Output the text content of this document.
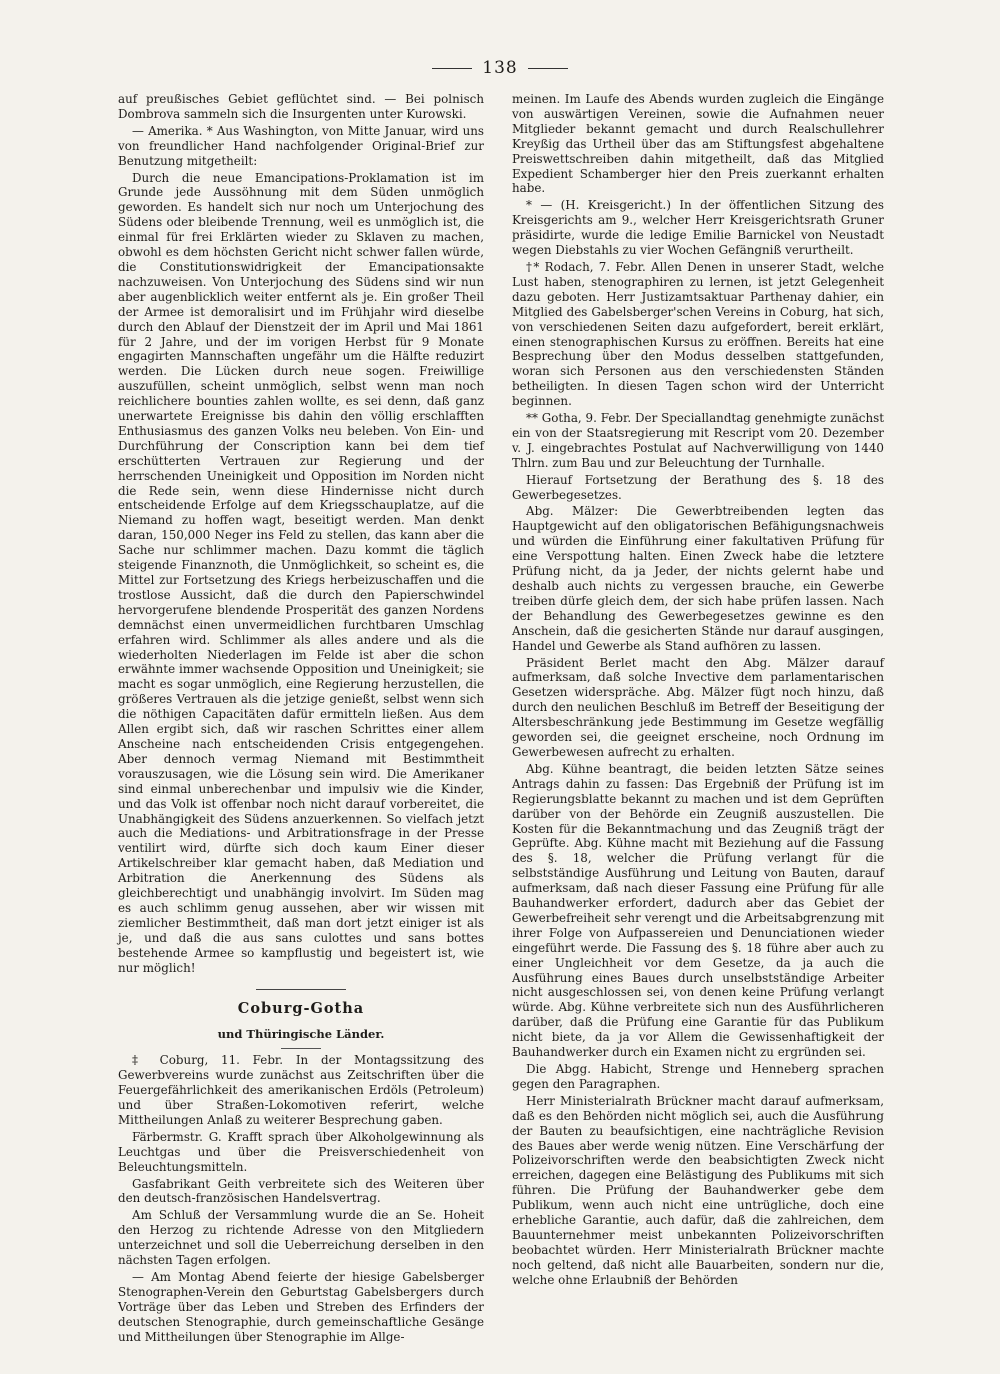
138

auf preußisches Gebiet geflüchtet sind. — Bei polnisch Dombrova sammeln sich die Insurgenten unter Kurowski.

— Amerika. * Aus Washington, von Mitte Januar, wird uns von freundlicher Hand nachfolgender Original-Brief zur Benutzung mitgetheilt:

Durch die neue Emancipations-Proklamation ist im Grunde jede Aussöhnung mit dem Süden unmöglich geworden. Es handelt sich nur noch um Unterjochung des Südens oder bleibende Trennung, weil es unmöglich ist, die einmal für frei Erklärten wieder zu Sklaven zu machen, obwohl es dem höchsten Gericht nicht schwer fallen würde, die Constitutionswidrigkeit der Emancipationsakte nachzuweisen. Von Unterjochung des Südens sind wir nun aber augenblicklich weiter entfernt als je. Ein großer Theil der Armee ist demoralisirt und im Frühjahr wird dieselbe durch den Ablauf der Dienstzeit der im April und Mai 1861 für 2 Jahre, und der im vorigen Herbst für 9 Monate engagirten Mannschaften ungefähr um die Hälfte reduzirt werden. Die Lücken durch neue sogen. Freiwillige auszufüllen, scheint unmöglich, selbst wenn man noch reichlichere bounties zahlen wollte, es sei denn, daß ganz unerwartete Ereignisse bis dahin den völlig erschlafften Enthusiasmus des ganzen Volks neu beleben. Von Ein- und Durchführung der Conscription kann bei dem tief erschütterten Vertrauen zur Regierung und der herrschenden Uneinigkeit und Opposition im Norden nicht die Rede sein, wenn diese Hindernisse nicht durch entscheidende Erfolge auf dem Kriegsschauplatze, auf die Niemand zu hoffen wagt, beseitigt werden. Man denkt daran, 150,000 Neger ins Feld zu stellen, das kann aber die Sache nur schlimmer machen. Dazu kommt die täglich steigende Finanznoth, die Unmöglichkeit, so scheint es, die Mittel zur Fortsetzung des Kriegs herbeizuschaffen und die trostlose Aussicht, daß die durch den Papierschwindel hervorgerufene blendende Prosperität des ganzen Nordens demnächst einen unvermeidlichen furchtbaren Umschlag erfahren wird. Schlimmer als alles andere und als die wiederholten Niederlagen im Felde ist aber die schon erwähnte immer wachsende Opposition und Uneinigkeit; sie macht es sogar unmöglich, eine Regierung herzustellen, die größeres Vertrauen als die jetzige genießt, selbst wenn sich die nöthigen Capacitäten dafür ermitteln ließen. Aus dem Allen ergibt sich, daß wir raschen Schrittes einer allem Anscheine nach entscheidenden Crisis entgegengehen. Aber dennoch vermag Niemand mit Bestimmtheit vorauszusagen, wie die Lösung sein wird. Die Amerikaner sind einmal unberechenbar und impulsiv wie die Kinder, und das Volk ist offenbar noch nicht darauf vorbereitet, die Unabhängigkeit des Südens anzuerkennen. So vielfach jetzt auch die Mediations- und Arbitrationsfrage in der Presse ventilirt wird, dürfte sich doch kaum Einer dieser Artikelschreiber klar gemacht haben, daß Mediation und Arbitration die Anerkennung des Südens als gleichberechtigt und unabhängig involvirt. Im Süden mag es auch schlimm genug aussehen, aber wir wissen mit ziemlicher Bestimmtheit, daß man dort jetzt einiger ist als je, und daß die aus sans culottes und sans bottes bestehende Armee so kampflustig und begeistert ist, wie nur möglich!

Coburg-Gotha
und Thüringische Länder.

‡ Coburg, 11. Febr. In der Montagssitzung des Gewerbvereins wurde zunächst aus Zeitschriften über die Feuergefährlichkeit des amerikanischen Erdöls (Petroleum) und über Straßen-Lokomotiven referirt, welche Mittheilungen Anlaß zu weiterer Besprechung gaben.

Färbermstr. G. Krafft sprach über Alkoholgewinnung als Leuchtgas und über die Preisverschiedenheit von Beleuchtungsmitteln.

Gasfabrikant Geith verbreitete sich des Weiteren über den deutsch-französischen Handelsvertrag.

Am Schluß der Versammlung wurde die an Se. Hoheit den Herzog zu richtende Adresse von den Mitgliedern unterzeichnet und soll die Ueberreichung derselben in den nächsten Tagen erfolgen.

— Am Montag Abend feierte der hiesige Gabelsberger Stenographen-Verein den Geburtstag Gabelsbergers durch Vorträge über das Leben und Streben des Erfinders der deutschen Stenographie, durch gemeinschaftliche Gesänge und Mittheilungen über Stenographie im Allge-

meinen. Im Laufe des Abends wurden zugleich die Eingänge von auswärtigen Vereinen, sowie die Aufnahmen neuer Mitglieder bekannt gemacht und durch Realschullehrer Kreyßig das Urtheil über das am Stiftungsfest abgehaltene Preiswettschreiben dahin mitgetheilt, daß das Mitglied Expedient Schamberger hier den Preis zuerkannt erhalten habe.

* — (H. Kreisgericht.) In der öffentlichen Sitzung des Kreisgerichts am 9., welcher Herr Kreisgerichtsrath Gruner präsidirte, wurde die ledige Emilie Barnickel von Neustadt wegen Diebstahls zu vier Wochen Gefängniß verurtheilt.

†* Rodach, 7. Febr. Allen Denen in unserer Stadt, welche Lust haben, stenographiren zu lernen, ist jetzt Gelegenheit dazu geboten. Herr Justizamtsaktuar Parthenay dahier, ein Mitglied des Gabelsberger'schen Vereins in Coburg, hat sich, von verschiedenen Seiten dazu aufgefordert, bereit erklärt, einen stenographischen Kursus zu eröffnen. Bereits hat eine Besprechung über den Modus desselben stattgefunden, woran sich Personen aus den verschiedensten Ständen betheiligten. In diesen Tagen schon wird der Unterricht beginnen.

** Gotha, 9. Febr. Der Speciallandtag genehmigte zunächst ein von der Staatsregierung mit Rescript vom 20. Dezember v. J. eingebrachtes Postulat auf Nachverwilligung von 1440 Thlrn. zum Bau und zur Beleuchtung der Turnhalle.

Hierauf Fortsetzung der Berathung des §. 18 des Gewerbegesetzes.

Abg. Mälzer: Die Gewerbtreibenden legten das Hauptgewicht auf den obligatorischen Befähigungsnachweis und würden die Einführung einer fakultativen Prüfung für eine Verspottung halten. Einen Zweck habe die letztere Prüfung nicht, da ja Jeder, der nichts gelernt habe und deshalb auch nichts zu vergessen brauche, ein Gewerbe treiben dürfe gleich dem, der sich habe prüfen lassen. Nach der Behandlung des Gewerbegesetzes gewinne es den Anschein, daß die gesicherten Stände nur darauf ausgingen, Handel und Gewerbe als Stand aufhören zu lassen.

Präsident Berlet macht den Abg. Mälzer darauf aufmerksam, daß solche Invective dem parlamentarischen Gesetzen widerspräche. Abg. Mälzer fügt noch hinzu, daß durch den neulichen Beschluß im Betreff der Beseitigung der Altersbeschränkung jede Bestimmung im Gesetze wegfällig geworden sei, die geeignet erscheine, noch Ordnung im Gewerbewesen aufrecht zu erhalten.

Abg. Kühne beantragt, die beiden letzten Sätze seines Antrags dahin zu fassen: Das Ergebniß der Prüfung ist im Regierungsblatte bekannt zu machen und ist dem Geprüften darüber von der Behörde ein Zeugniß auszustellen. Die Kosten für die Bekanntmachung und das Zeugniß trägt der Geprüfte. Abg. Kühne macht mit Beziehung auf die Fassung des §. 18, welcher die Prüfung verlangt für die selbstständige Ausführung und Leitung von Bauten, darauf aufmerksam, daß nach dieser Fassung eine Prüfung für alle Bauhandwerker erfordert, dadurch aber das Gebiet der Gewerbefreiheit sehr verengt und die Arbeitsabgrenzung mit ihrer Folge von Aufpassereien und Denunciationen wieder eingeführt werde. Die Fassung des §. 18 führe aber auch zu einer Ungleichheit vor dem Gesetze, da ja auch die Ausführung eines Baues durch unselbstständige Arbeiter nicht ausgeschlossen sei, von denen keine Prüfung verlangt würde. Abg. Kühne verbreitete sich nun des Ausführlicheren darüber, daß die Prüfung eine Garantie für das Publikum nicht biete, da ja vor Allem die Gewissenhaftigkeit der Bauhandwerker durch ein Examen nicht zu ergründen sei.

Die Abgg. Habicht, Strenge und Henneberg sprachen gegen den Paragraphen.

Herr Ministerialrath Brückner macht darauf aufmerksam, daß es den Behörden nicht möglich sei, auch die Ausführung der Bauten zu beaufsichtigen, eine nachträgliche Revision des Baues aber werde wenig nützen. Eine Verschärfung der Polizeivorschriften werde den beabsichtigten Zweck nicht erreichen, dagegen eine Belästigung des Publikums mit sich führen. Die Prüfung der Bauhandwerker gebe dem Publikum, wenn auch nicht eine untrügliche, doch eine erhebliche Garantie, auch dafür, daß die zahlreichen, dem Bauunternehmer meist unbekannten Polizeivorschriften beobachtet würden. Herr Ministerialrath Brückner machte noch geltend, daß nicht alle Bauarbeiten, sondern nur die, welche ohne Erlaubniß der Behörden
